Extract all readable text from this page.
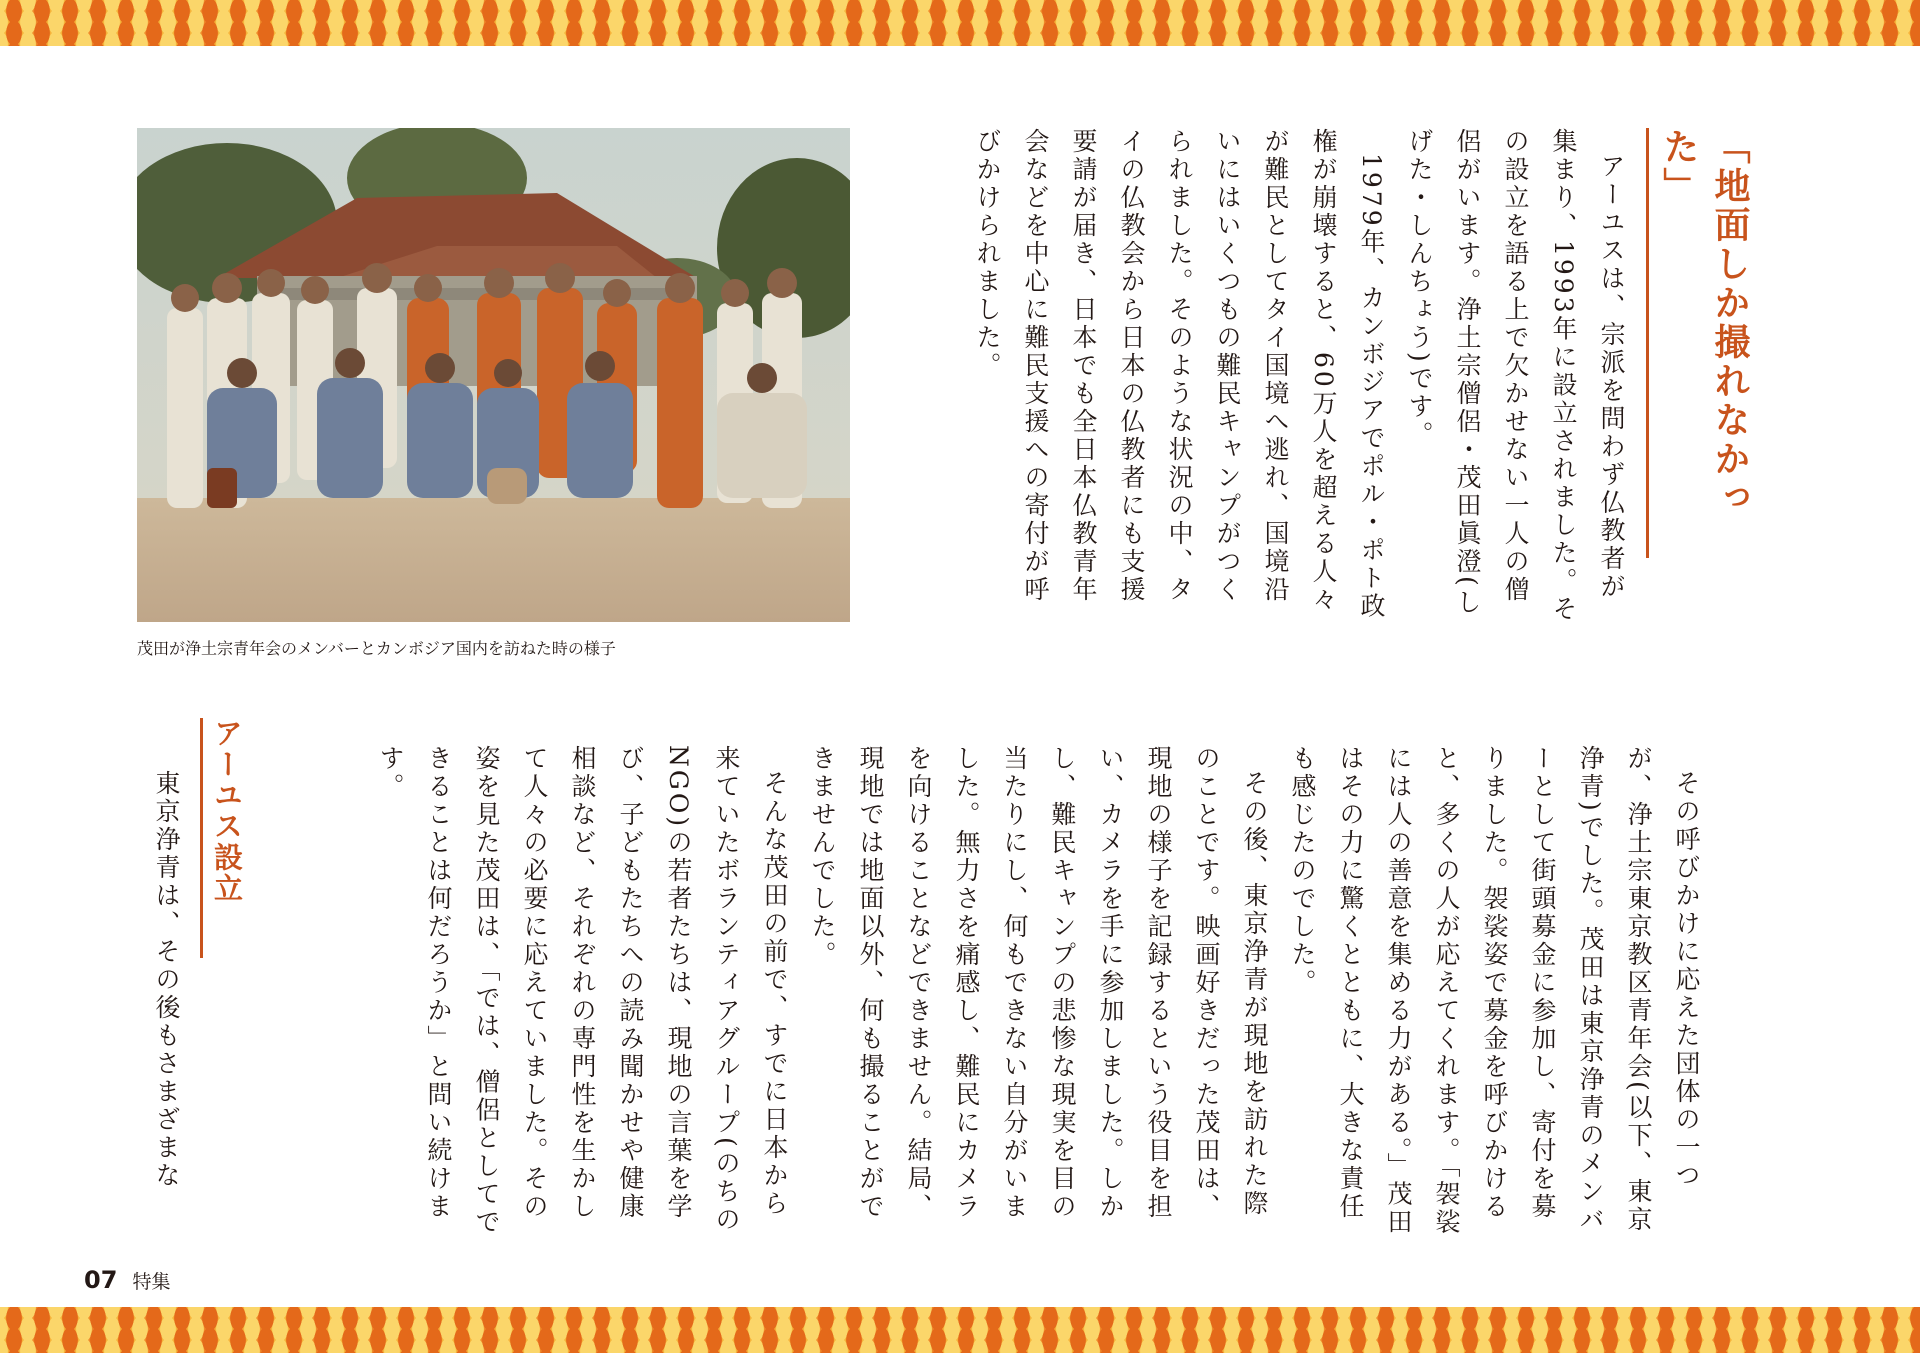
茂田が浄土宗青年会のメンバーとカンボジア国内を訪ねた時の様子
「地面しか撮れなかった」

アーユスは、宗派を問わず仏教者が集まり、1993年に設立されました。その設立を語る上で欠かせない一人の僧侶がいます。浄土宗僧侶・茂田眞澄(しげた・しんちょう)です。

1979年、カンボジアでポル・ポト政権が崩壊すると、60万人を超える人々が難民としてタイ国境へ逃れ、国境沿いにはいくつもの難民キャンプがつくられました。そのような状況の中、タイの仏教会から日本の仏教者にも支援要請が届き、日本でも全日本仏教青年会などを中心に難民支援への寄付が呼びかけられました。

その呼びかけに応えた団体の一つが、浄土宗東京教区青年会(以下、東京浄青)でした。茂田は東京浄青のメンバーとして街頭募金に参加し、寄付を募りました。袈裟姿で募金を呼びかけると、多くの人が応えてくれます。「袈裟には人の善意を集める力がある。」茂田はその力に驚くとともに、大きな責任も感じたのでした。

その後、東京浄青が現地を訪れた際のことです。映画好きだった茂田は、現地の様子を記録するという役目を担い、カメラを手に参加しました。しかし、難民キャンプの悲惨な現実を目の当たりにし、何もできない自分がいました。無力さを痛感し、難民にカメラを向けることなどできません。結局、現地では地面以外、何も撮ることができませんでした。

そんな茂田の前で、すでに日本から来ていたボランティアグループ(のちのNGO)の若者たちは、現地の言葉を学び、子どもたちへの読み聞かせや健康相談など、それぞれの専門性を生かして人々の必要に応えていました。その姿を見た茂田は、「では、僧侶としてできることは何だろうか」と問い続けます。

アーユス設立

東京浄青は、その後もさまざまな

07 特集
